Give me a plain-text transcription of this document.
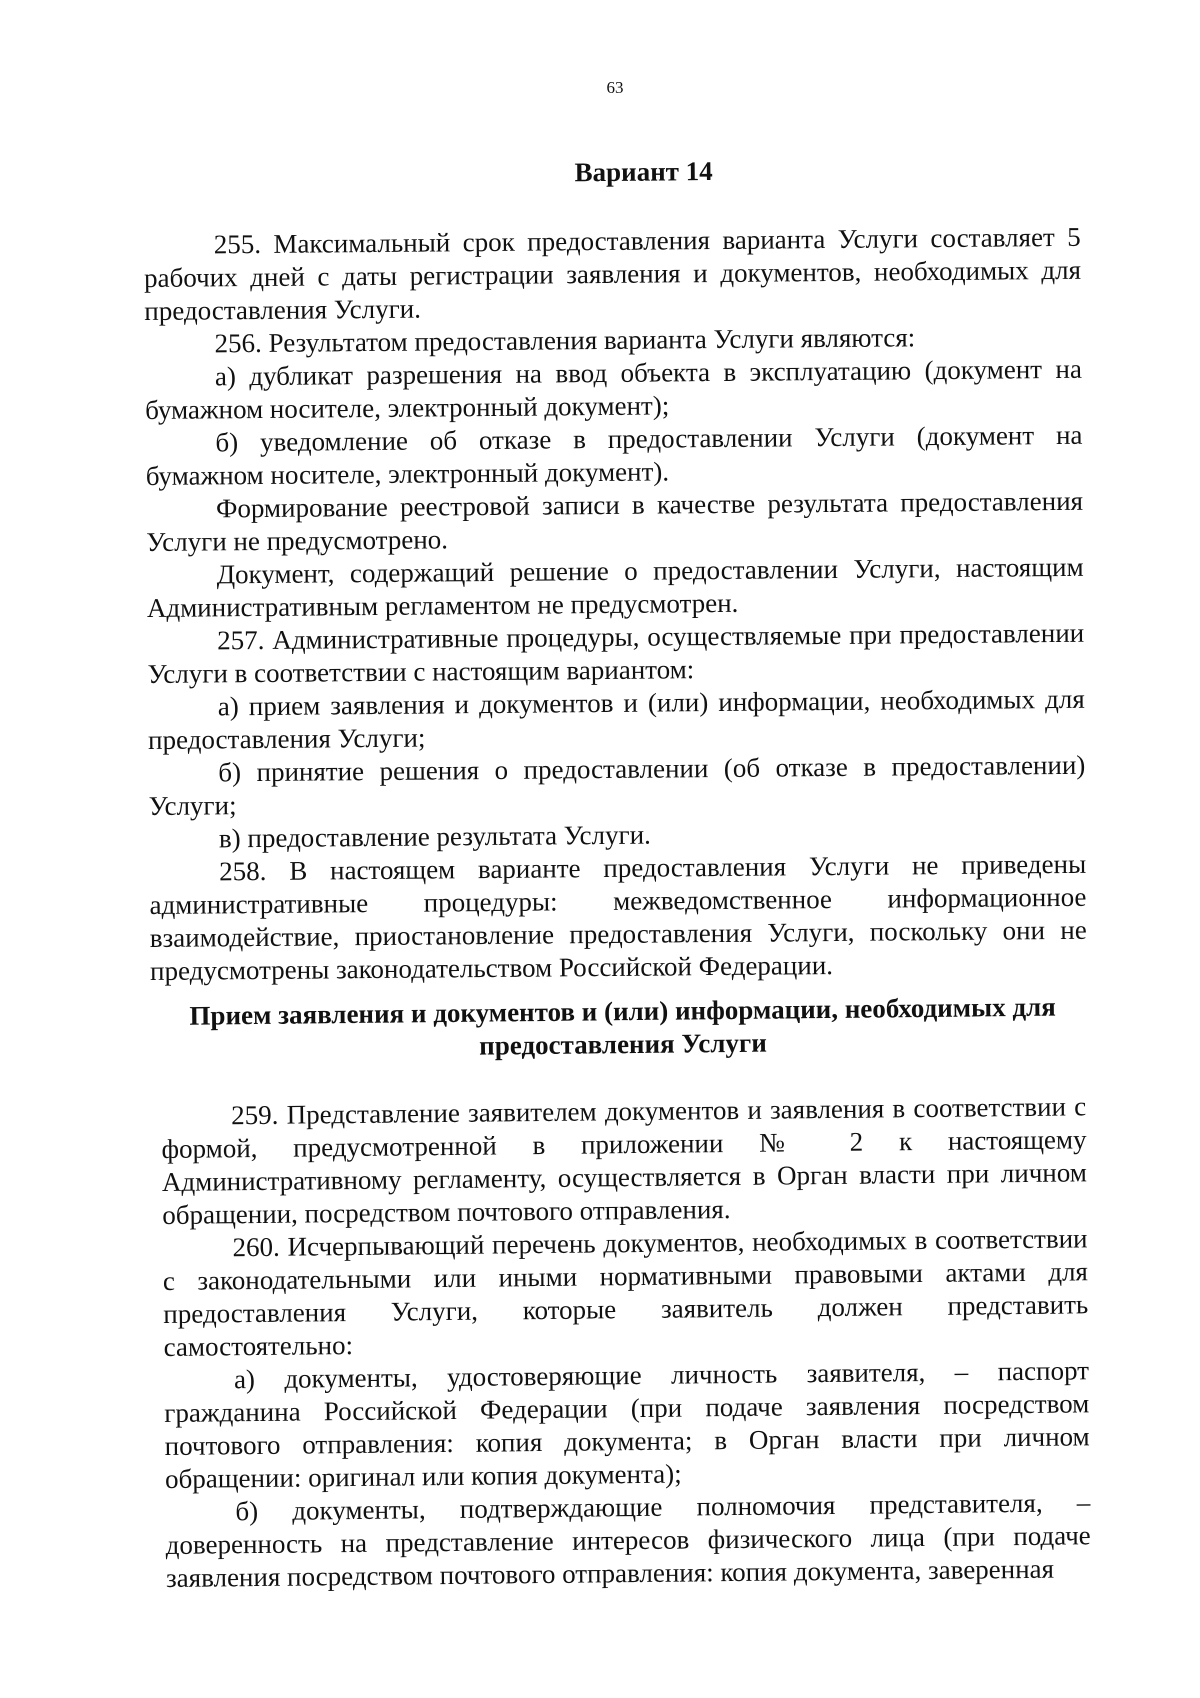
63
Вариант 14

255. Максимальный срок предоставления варианта Услуги составляет 5 рабочих дней с даты регистрации заявления и документов, необходимых для предоставления Услуги.

256. Результатом предоставления варианта Услуги являются:

а) дубликат разрешения на ввод объекта в эксплуатацию (документ на бумажном носителе, электронный документ);

б) уведомление об отказе в предоставлении Услуги (документ на бумажном носителе, электронный документ).

Формирование реестровой записи в качестве результата предоставления Услуги не предусмотрено.

Документ, содержащий решение о предоставлении Услуги, настоящим Административным регламентом не предусмотрен.

257. Административные процедуры, осуществляемые при предоставлении Услуги в соответствии с настоящим вариантом:

а) прием заявления и документов и (или) информации, необходимых для предоставления Услуги;

б) принятие решения о предоставлении (об отказе в предоставлении) Услуги;

в) предоставление результата Услуги.

258. В настоящем варианте предоставления Услуги не приведены административные процедуры: межведомственное информационное взаимодействие, приостановление предоставления Услуги, поскольку они не предусмотрены законодательством Российской Федерации.

Прием заявления и документов и (или) информации, необходимых для
предоставления Услуги

259. Представление заявителем документов и заявления в соответствии с формой, предусмотренной в приложении № 2 к настоящему Административному регламенту, осуществляется в Орган власти при личном обращении, посредством почтового отправления.

260. Исчерпывающий перечень документов, необходимых в соответствии с законодательными или иными нормативными правовыми актами для предоставления Услуги, которые заявитель должен представить самостоятельно:

а) документы, удостоверяющие личность заявителя, – паспорт гражданина Российской Федерации (при подаче заявления посредством почтового отправления: копия документа; в Орган власти при личном обращении: оригинал или копия документа);

б) документы, подтверждающие полномочия представителя, – доверенность на представление интересов физического лица (при подаче заявления посредством почтового отправления: копия документа, заверенная
